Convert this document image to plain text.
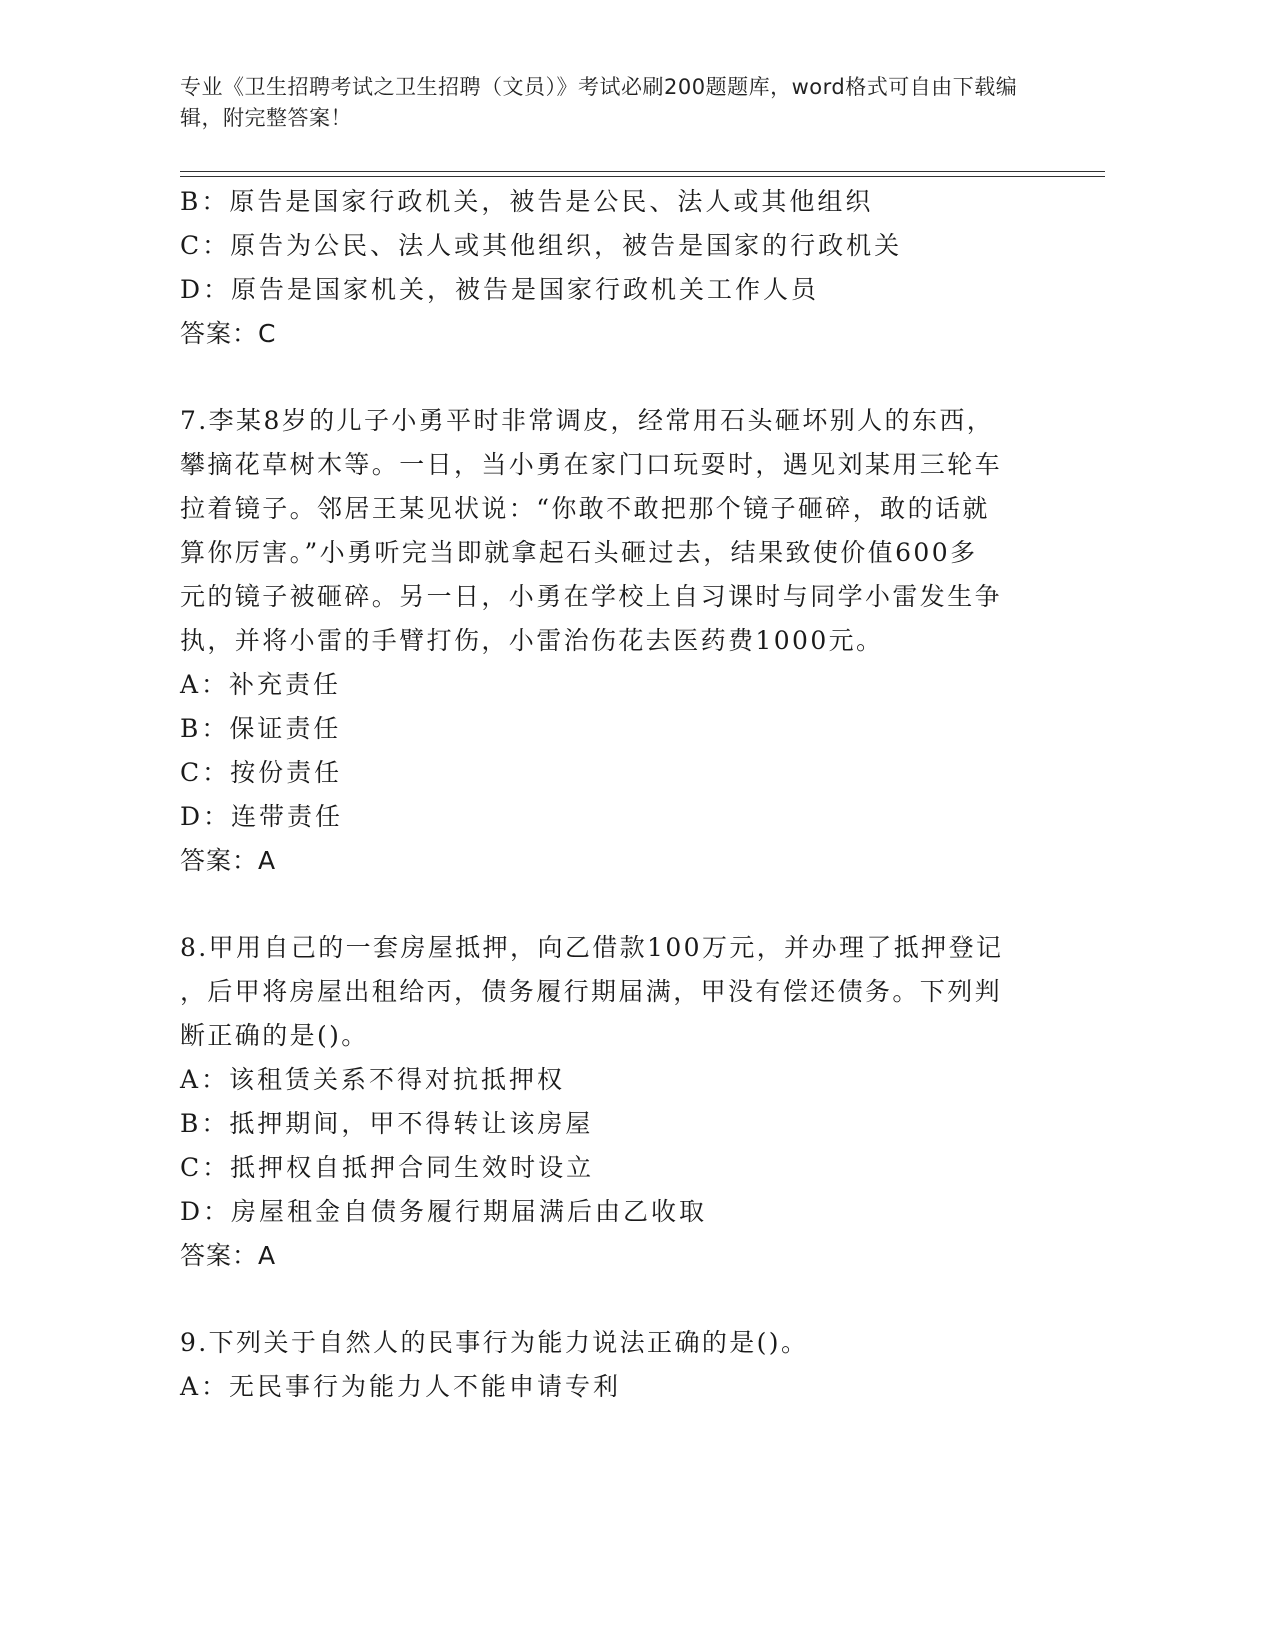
专业《卫生招聘考试之卫生招聘（文员）》考试必刷200题题库，word格式可自由下载编辑，附完整答案！
B：原告是国家行政机关，被告是公民、法人或其他组织
C：原告为公民、法人或其他组织，被告是国家的行政机关
D：原告是国家机关，被告是国家行政机关工作人员
答案：C
7.李某8岁的儿子小勇平时非常调皮，经常用石头砸坏别人的东西，
攀摘花草树木等。一日，当小勇在家门口玩耍时，遇见刘某用三轮车
拉着镜子。邻居王某见状说：“你敢不敢把那个镜子砸碎，敢的话就
算你厉害。”小勇听完当即就拿起石头砸过去，结果致使价值600多
元的镜子被砸碎。另一日，小勇在学校上自习课时与同学小雷发生争
执，并将小雷的手臂打伤，小雷治伤花去医药费1000元。
A：补充责任
B：保证责任
C：按份责任
D：连带责任
答案：A
8.甲用自己的一套房屋抵押，向乙借款100万元，并办理了抵押登记
，后甲将房屋出租给丙，债务履行期届满，甲没有偿还债务。下列判
断正确的是()。
A：该租赁关系不得对抗抵押权
B：抵押期间，甲不得转让该房屋
C：抵押权自抵押合同生效时设立
D：房屋租金自债务履行期届满后由乙收取
答案：A
9.下列关于自然人的民事行为能力说法正确的是()。
A：无民事行为能力人不能申请专利
